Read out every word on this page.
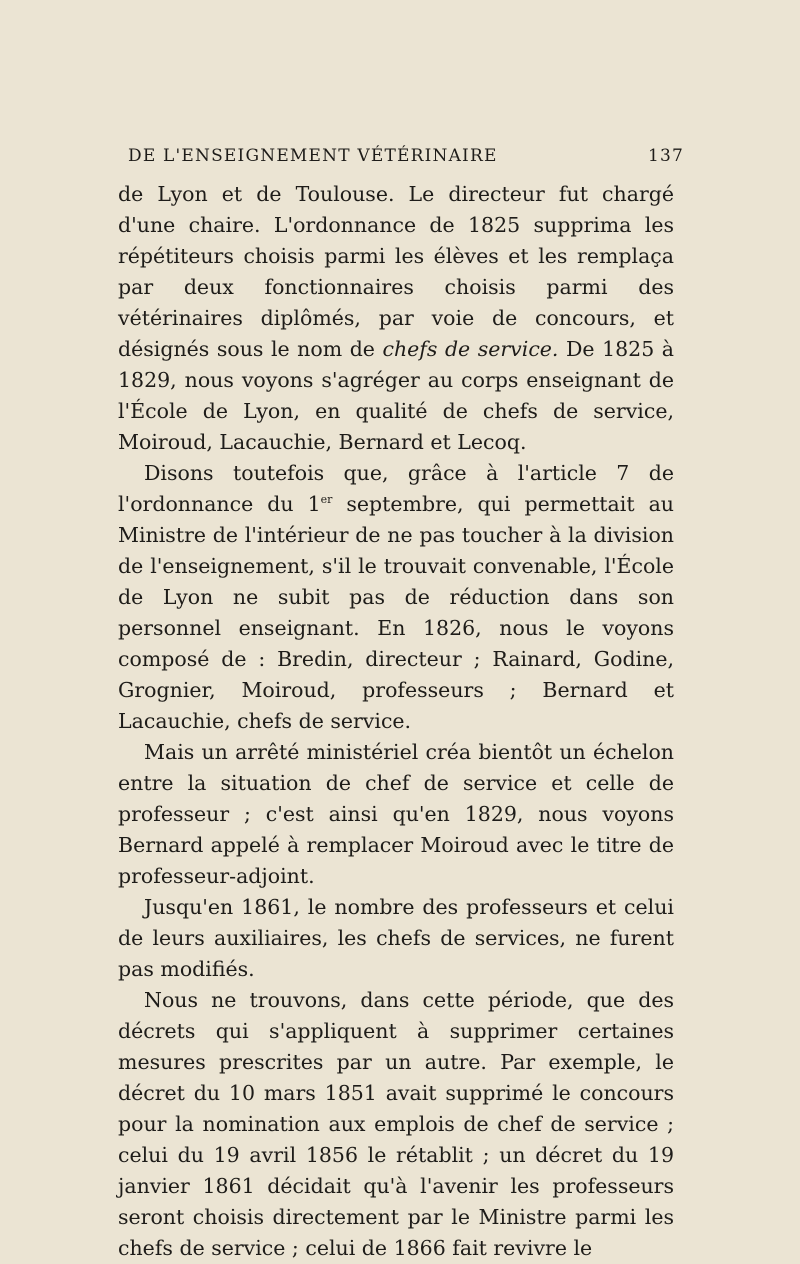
DE L'ENSEIGNEMENT VÉTÉRINAIRE	137

de Lyon et de Toulouse. Le directeur fut chargé d'une chaire. L'ordonnance de 1825 supprima les répétiteurs choisis parmi les élèves et les remplaça par deux fonctionnaires choisis parmi des vétérinaires diplômés, par voie de concours, et désignés sous le nom de chefs de service. De 1825 à 1829, nous voyons s'agréger au corps enseignant de l'École de Lyon, en qualité de chefs de service, Moiroud, Lacauchie, Bernard et Lecoq.

Disons toutefois que, grâce à l'article 7 de l'ordonnance du 1er septembre, qui permettait au Ministre de l'intérieur de ne pas toucher à la division de l'enseignement, s'il le trouvait convenable, l'École de Lyon ne subit pas de réduction dans son personnel enseignant. En 1826, nous le voyons composé de : Bredin, directeur ; Rainard, Godine, Grognier, Moiroud, professeurs ; Bernard et Lacauchie, chefs de service.

Mais un arrêté ministériel créa bientôt un échelon entre la situation de chef de service et celle de professeur ; c'est ainsi qu'en 1829, nous voyons Bernard appelé à remplacer Moiroud avec le titre de professeur-adjoint.

Jusqu'en 1861, le nombre des professeurs et celui de leurs auxiliaires, les chefs de services, ne furent pas modifiés.

Nous ne trouvons, dans cette période, que des décrets qui s'appliquent à supprimer certaines mesures prescrites par un autre. Par exemple, le décret du 10 mars 1851 avait supprimé le concours pour la nomination aux emplois de chef de service ; celui du 19 avril 1856 le rétablit ; un décret du 19 janvier 1861 décidait qu'à l'avenir les professeurs seront choisis directement par le Ministre parmi les chefs de service ; celui de 1866 fait revivre le
